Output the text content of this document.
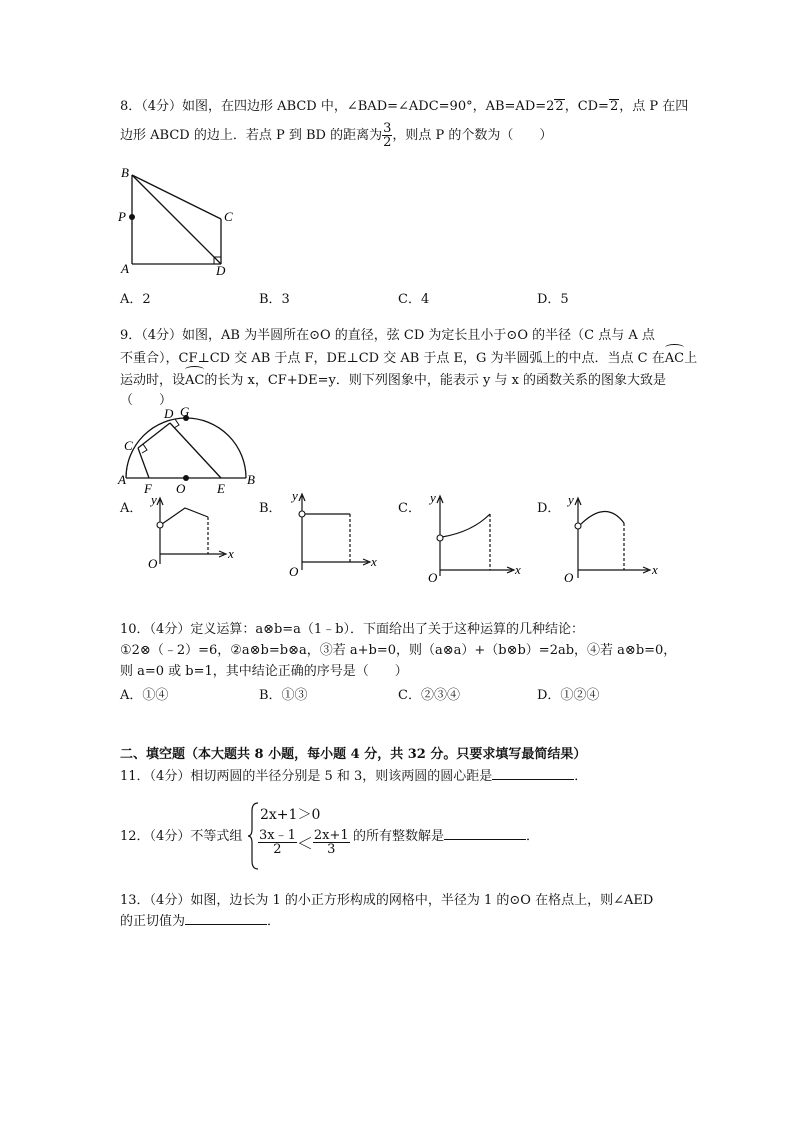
8．（4分）如图，在四边形 ABCD 中，∠BAD=∠ADC=90°，AB=AD=22，CD=2，点 P 在四
边形 ABCD 的边上．若点 P 到 BD 的距离为 $\frac{3}{2}$ ，则点 P 的个数为（　　）
B
P	C
A	D
A．2	B．3	C．4	D．5
9．（4分）如图，AB 为半圆所在⊙O 的直径，弦 CD 为定长且小于⊙O 的半径（C 点与 A 点
不重合），CF⊥CD 交 AB 于点 F，DE⊥CD 交 AB 于点 E，G 为半圆弧上的中点．当点 C 在AC上
运动时，设AC的长为 x，CF+DE=y．则下列图象中，能表示 y 与 x 的函数关系的图象大致是
（　　）
D G
C
A
F O E
B
A．	B．	C．	D．
y
x
O
y
x
O
y
x
O
y
x
O
10．（4分）定义运算：a⊗b=a（1﹣b）．下面给出了关于这种运算的几种结论：
①2⊗（﹣2）=6，②a⊗b=b⊗a，③若 a+b=0，则（a⊗a）+（b⊗b）=2ab，④若 a⊗b=0，
则 a=0 或 b=1，其中结论正确的序号是（　　）
A．①④	B．①③	C．②③④	D．①②④
二、填空题（本大题共 8 小题，每小题 4 分，共 32 分。只要求填写最简结果）
11．（4分）相切两圆的半径分别是 5 和 3，则该两圆的圆心距是	．
12．（4分）不等式组
2x+1＞0
$\frac{3x﹣1}{2} < \frac{2x+1}{3}$ 的所有整数解是	．
13．（4分）如图，边长为 1 的小正方形构成的网格中，半径为 1 的⊙O 在格点上，则∠AED
的正切值为	．
